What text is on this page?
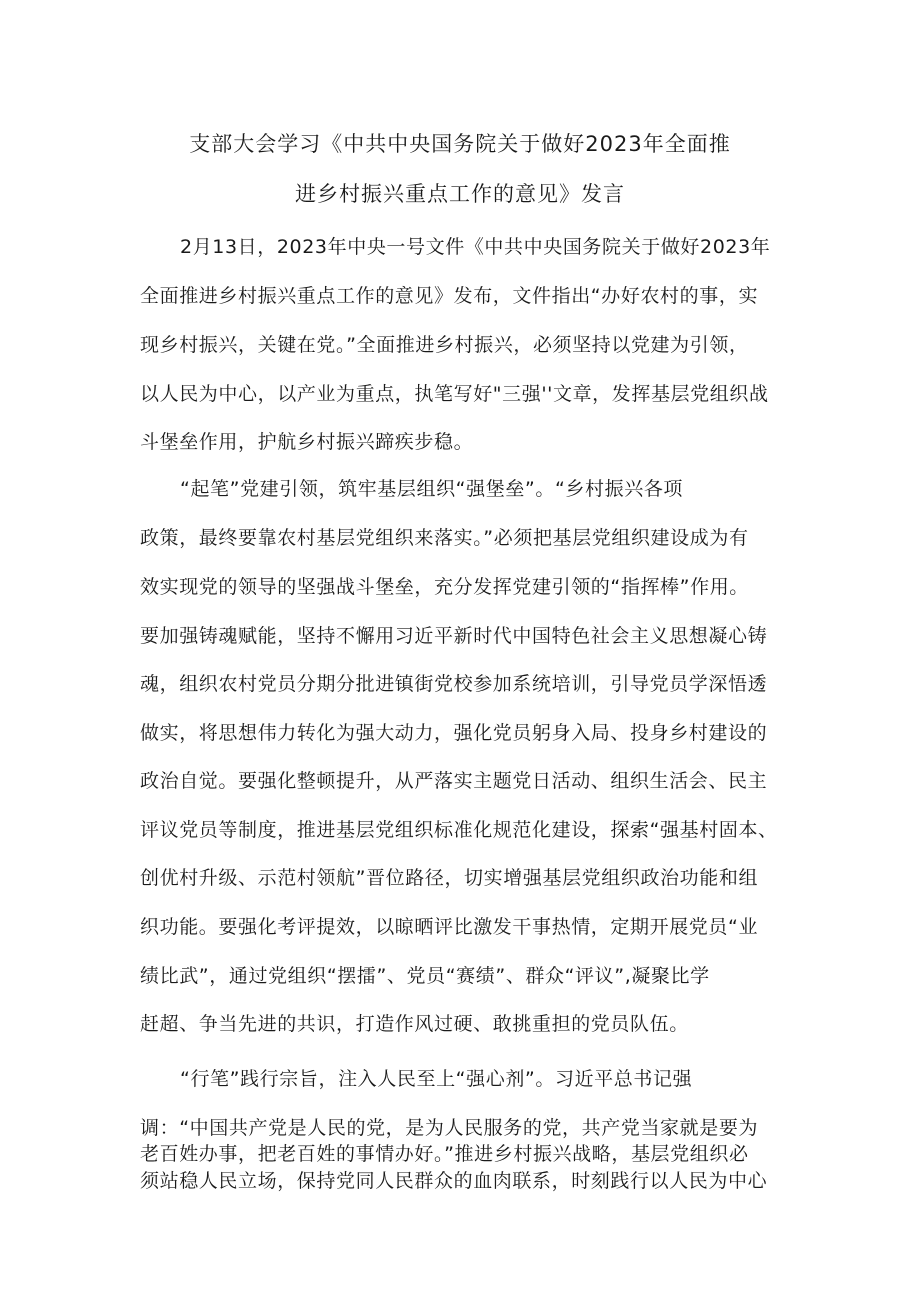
支部大会学习《中共中央国务院关于做好2023年全面推
进乡村振兴重点工作的意见》发言
2月13日，2023年中央一号文件《中共中央国务院关于做好2023年
全面推进乡村振兴重点工作的意见》发布，文件指出“办好农村的事，实
现乡村振兴，关键在党。”全面推进乡村振兴，必须坚持以党建为引领，
以人民为中心，以产业为重点，执笔写好"三强''文章，发挥基层党组织战
斗堡垒作用，护航乡村振兴蹄疾步稳。
“起笔”党建引领，筑牢基层组织“强堡垒”。“乡村振兴各项
政策，最终要靠农村基层党组织来落实。”必须把基层党组织建设成为有
效实现党的领导的坚强战斗堡垒，充分发挥党建引领的“指挥棒”作用。
要加强铸魂赋能，坚持不懈用习近平新时代中国特色社会主义思想凝心铸
魂，组织农村党员分期分批进镇街党校参加系统培训，引导党员学深悟透
做实，将思想伟力转化为强大动力，强化党员躬身入局、投身乡村建设的
政治自觉。要强化整顿提升，从严落实主题党日活动、组织生活会、民主
评议党员等制度，推进基层党组织标准化规范化建设，探索“强基村固本、
创优村升级、示范村领航”晋位路径，切实增强基层党组织政治功能和组
织功能。要强化考评提效，以晾晒评比激发干事热情，定期开展党员“业
绩比武”，通过党组织“摆擂”、党员“赛绩”、群众“评议”,凝聚比学
赶超、争当先进的共识，打造作风过硬、敢挑重担的党员队伍。
“行笔”践行宗旨，注入人民至上“强心剂”。习近平总书记强
调：“中国共产党是人民的党，是为人民服务的党，共产党当家就是要为
老百姓办事，把老百姓的事情办好。”推进乡村振兴战略，基层党组织必
须站稳人民立场，保持党同人民群众的血肉联系，时刻践行以人民为中心
